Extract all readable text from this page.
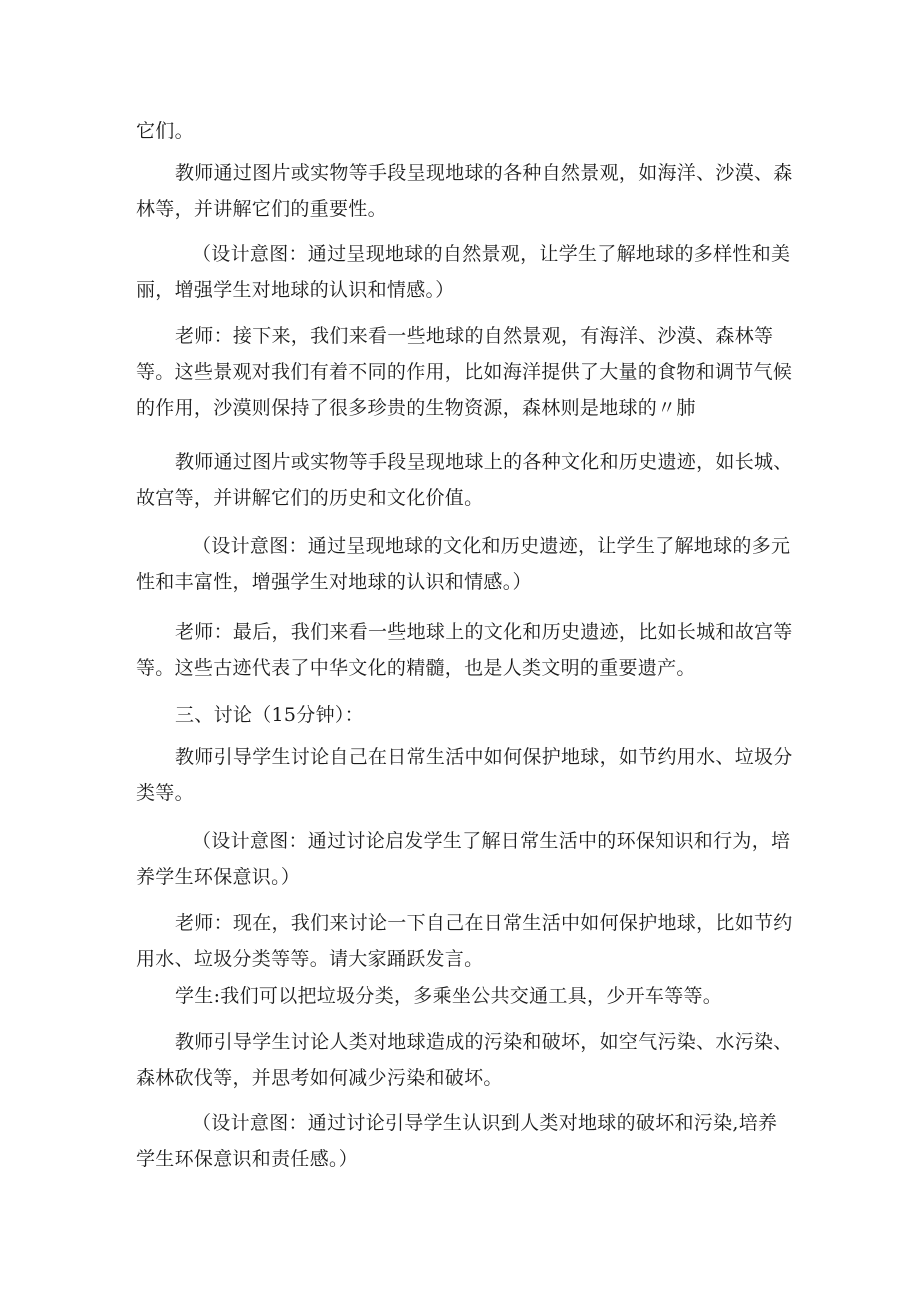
它们。

教师通过图片或实物等手段呈现地球的各种自然景观，如海洋、沙漠、森林等，并讲解它们的重要性。

（设计意图：通过呈现地球的自然景观，让学生了解地球的多样性和美丽，增强学生对地球的认识和情感。）

老师：接下来，我们来看一些地球的自然景观，有海洋、沙漠、森林等等。这些景观对我们有着不同的作用，比如海洋提供了大量的食物和调节气候的作用，沙漠则保持了很多珍贵的生物资源，森林则是地球的〃肺

教师通过图片或实物等手段呈现地球上的各种文化和历史遗迹，如长城、故宫等，并讲解它们的历史和文化价值。

（设计意图：通过呈现地球的文化和历史遗迹，让学生了解地球的多元性和丰富性，增强学生对地球的认识和情感。）

老师：最后，我们来看一些地球上的文化和历史遗迹，比如长城和故宫等等。这些古迹代表了中华文化的精髓，也是人类文明的重要遗产。

三、讨论（15分钟）：

教师引导学生讨论自己在日常生活中如何保护地球，如节约用水、垃圾分类等。

（设计意图：通过讨论启发学生了解日常生活中的环保知识和行为，培养学生环保意识。）

老师：现在，我们来讨论一下自己在日常生活中如何保护地球，比如节约用水、垃圾分类等等。请大家踊跃发言。

学生:我们可以把垃圾分类，多乘坐公共交通工具，少开车等等。

教师引导学生讨论人类对地球造成的污染和破坏，如空气污染、水污染、森林砍伐等，并思考如何减少污染和破坏。

（设计意图：通过讨论引导学生认识到人类对地球的破坏和污染,培养学生环保意识和责任感。）
